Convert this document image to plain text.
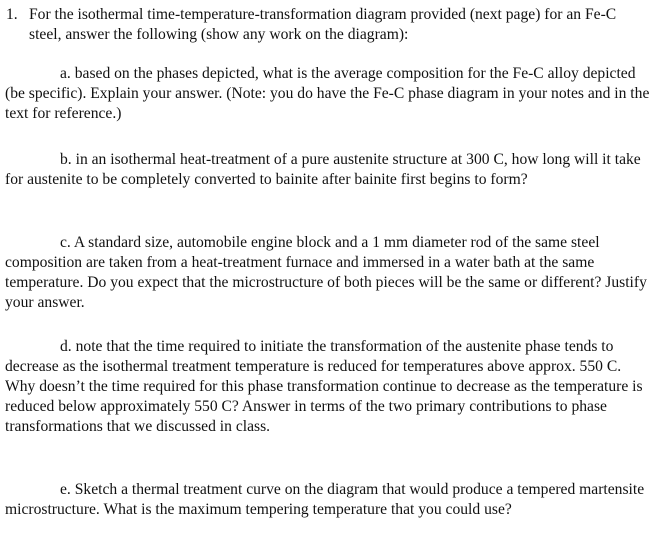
1. For the isothermal time-temperature-transformation diagram provided (next page) for an Fe-C steel, answer the following (show any work on the diagram):

a. based on the phases depicted, what is the average composition for the Fe-C alloy depicted (be specific). Explain your answer. (Note: you do have the Fe-C phase diagram in your notes and in the text for reference.)

b. in an isothermal heat-treatment of a pure austenite structure at 300 C, how long will it take for austenite to be completely converted to bainite after bainite first begins to form?

c. A standard size, automobile engine block and a 1 mm diameter rod of the same steel composition are taken from a heat-treatment furnace and immersed in a water bath at the same temperature. Do you expect that the microstructure of both pieces will be the same or different? Justify your answer.

d. note that the time required to initiate the transformation of the austenite phase tends to decrease as the isothermal treatment temperature is reduced for temperatures above approx. 550 C. Why doesn’t the time required for this phase transformation continue to decrease as the temperature is reduced below approximately 550 C? Answer in terms of the two primary contributions to phase transformations that we discussed in class.

e. Sketch a thermal treatment curve on the diagram that would produce a tempered martensite microstructure. What is the maximum tempering temperature that you could use?
